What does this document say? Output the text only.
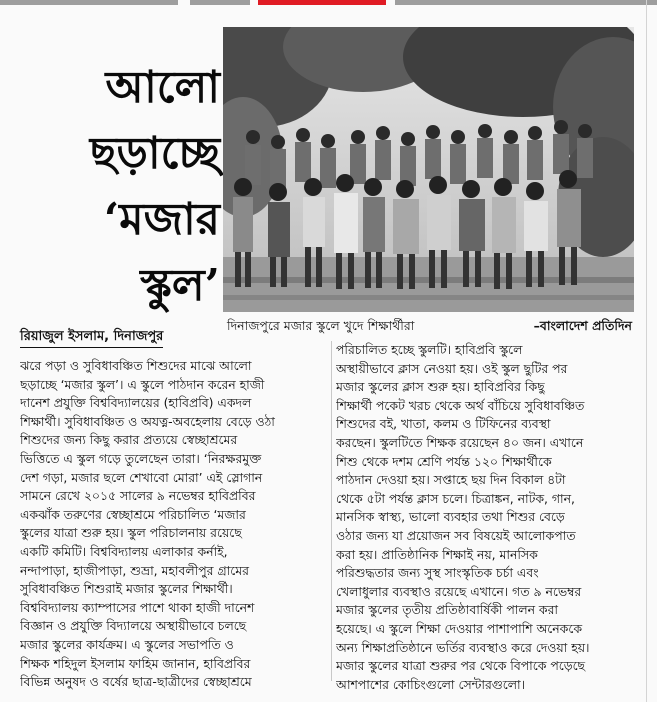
আলো
ছড়াচ্ছে
‘মজার
স্কুল’
দিনাজপুরে মজার স্কুলে খুদে শিক্ষার্থীরা	–বাংলাদেশ প্রতিদিন
রিয়াজুল ইসলাম, দিনাজপুর
ঝরে পড়া ও সুবিধাবঞ্চিত শিশুদের মাঝে আলো
ছড়াচ্ছে ‘মজার স্কুল’। এ স্কুলে পাঠদান করেন হাজী
দানেশ প্রযুক্তি বিশ্ববিদ্যালয়ের (হাবিপ্রবি) একদল
শিক্ষার্থী। সুবিধাবঞ্চিত ও অযত্ন-অবহেলায় বেড়ে ওঠা
শিশুদের জন্য কিছু করার প্রত্যয়ে স্বেচ্ছাশ্রমের
ভিত্তিতে এ স্কুল গড়ে তুলেছেন তারা। ‘নিরক্ষরমুক্ত
দেশ গড়া, মজার ছলে শেখাবো মোরা’ এই স্লোগান
সামনে রেখে ২০১৫ সালের ৯ নভেম্বর হাবিপ্রবির
একঝাঁক তরুণের স্বেচ্ছাশ্রমে পরিচালিত ‘মজার
স্কুলের যাত্রা শুরু হয়। স্কুল পরিচালনায় রয়েছে
একটি কমিটি। বিশ্ববিদ্যালয় এলাকার কর্নাই,
নন্দাপাড়া, হাজীপাড়া, শুভ্রা, মহাবলীপুর গ্রামের
সুবিধাবঞ্চিত শিশুরাই মজার স্কুলের শিক্ষার্থী।
বিশ্ববিদ্যালয় ক্যাম্পাসের পাশে থাকা হাজী দানেশ
বিজ্ঞান ও প্রযুক্তি বিদ্যালয়ে অস্থায়ীভাবে চলছে
মজার স্কুলের কার্যক্রম। এ স্কুলের সভাপতি ও
শিক্ষক শহিদুল ইসলাম ফাহিম জানান, হাবিপ্রবির
বিভিন্ন অনুষদ ও বর্ষের ছাত্র-ছাত্রীদের স্বেচ্ছাশ্রমে
পরিচালিত হচ্ছে স্কুলটি। হাবিপ্রবি স্কুলে
অস্থায়ীভাবে ক্লাস নেওয়া হয়। ওই স্কুল ছুটির পর
মজার স্কুলের ক্লাস শুরু হয়। হাবিপ্রবির কিছু
শিক্ষার্থী পকেট খরচ থেকে অর্থ বাঁচিয়ে সুবিধাবঞ্চিত
শিশুদের বই, খাতা, কলম ও টিফিনের ব্যবস্থা
করছেন। স্কুলটিতে শিক্ষক রয়েছেন ৪০ জন। এখানে
শিশু থেকে দশম শ্রেণি পর্যন্ত ১২০ শিক্ষার্থীকে
পাঠদান দেওয়া হয়। সপ্তাহে ছয় দিন বিকাল ৪টা
থেকে ৫টা পর্যন্ত ক্লাস চলে। চিত্রাঙ্কন, নাটক, গান,
মানসিক স্বাস্থ্য, ভালো ব্যবহার তথা শিশুর বেড়ে
ওঠার জন্য যা প্রয়োজন সব বিষয়েই আলোকপাত
করা হয়। প্রাতিষ্ঠানিক শিক্ষাই নয়, মানসিক
পরিশুদ্ধতার জন্য সুস্থ সাংস্কৃতিক চর্চা এবং
খেলাধুলার ব্যবস্থাও রয়েছে এখানে। গত ৯ নভেম্বর
মজার স্কুলের তৃতীয় প্রতিষ্ঠাবার্ষিকী পালন করা
হয়েছে। এ স্কুলে শিক্ষা দেওয়ার পাশাপাশি অনেককে
অন্য শিক্ষাপ্রতিষ্ঠানে ভর্তির ব্যবস্থাও করে দেওয়া হয়।
মজার স্কুলের যাত্রা শুরুর পর থেকে বিপাকে পড়েছে
আশপাশের কোচিংগুলো সেন্টারগুলো।
